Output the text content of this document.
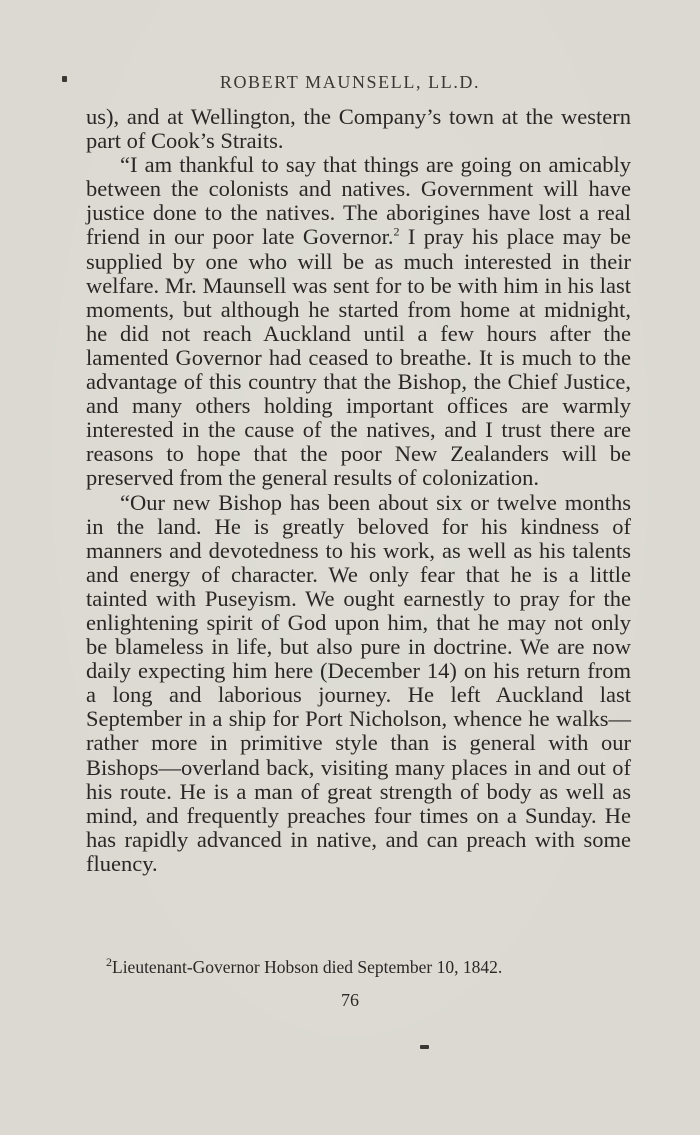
ROBERT MAUNSELL, LL.D.

us), and at Wellington, the Company’s town at the western part of Cook’s Straits.

“I am thankful to say that things are going on amicably between the colonists and natives. Government will have justice done to the natives. The aborigines have lost a real friend in our poor late Governor.$^2$ I pray his place may be supplied by one who will be as much interested in their welfare. Mr. Maunsell was sent for to be with him in his last moments, but although he started from home at midnight, he did not reach Auckland until a few hours after the lamented Governor had ceased to breathe. It is much to the advantage of this country that the Bishop, the Chief Justice, and many others holding important offices are warmly interested in the cause of the natives, and I trust there are reasons to hope that the poor New Zealanders will be preserved from the general results of colonization.

“Our new Bishop has been about six or twelve months in the land. He is greatly beloved for his kindness of manners and devotedness to his work, as well as his talents and energy of character. We only fear that he is a little tainted with Puseyism. We ought earnestly to pray for the enlightening spirit of God upon him, that he may not only be blameless in life, but also pure in doctrine. We are now daily expecting him here (December 14) on his return from a long and laborious journey. He left Auckland last September in a ship for Port Nicholson, whence he walks—rather more in primitive style than is general with our Bishops—overland back, visiting many places in and out of his route. He is a man of great strength of body as well as mind, and frequently preaches four times on a Sunday. He has rapidly advanced in native, and can preach with some fluency.

$^2$Lieutenant-Governor Hobson died September 10, 1842.
76
